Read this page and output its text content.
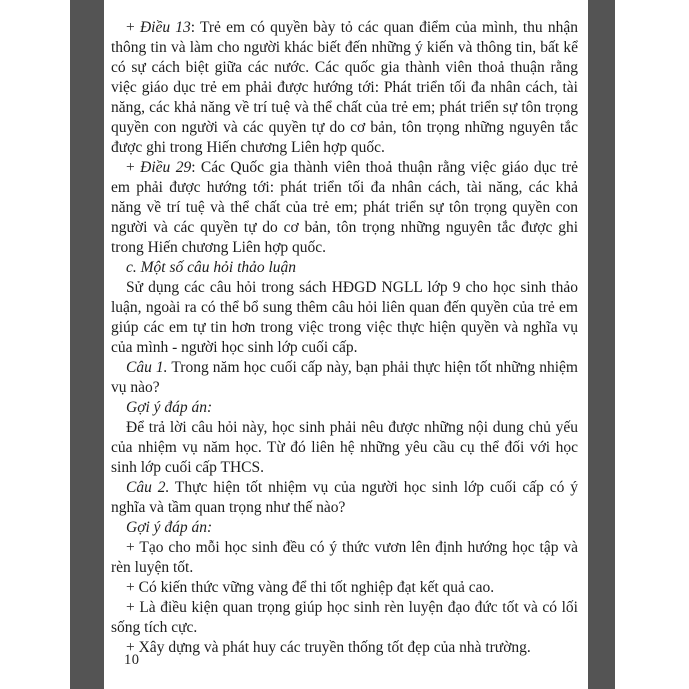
+ Điều 13: Trẻ em có quyền bày tỏ các quan điểm của mình, thu nhận thông tin và làm cho người khác biết đến những ý kiến và thông tin, bất kể có sự cách biệt giữa các nước. Các quốc gia thành viên thoả thuận rằng việc giáo dục trẻ em phải được hướng tới: Phát triển tối đa nhân cách, tài năng, các khả năng về trí tuệ và thể chất của trẻ em; phát triển sự tôn trọng quyền con người và các quyền tự do cơ bản, tôn trọng những nguyên tắc được ghi trong Hiến chương Liên hợp quốc.

+ Điều 29: Các Quốc gia thành viên thoả thuận rằng việc giáo dục trẻ em phải được hướng tới: phát triển tối đa nhân cách, tài năng, các khả năng về trí tuệ và thể chất của trẻ em; phát triển sự tôn trọng quyền con người và các quyền tự do cơ bản, tôn trọng những nguyên tắc được ghi trong Hiến chương Liên hợp quốc.

c. Một số câu hỏi thảo luận

Sử dụng các câu hỏi trong sách HĐGD NGLL lớp 9 cho học sinh thảo luận, ngoài ra có thể bổ sung thêm câu hỏi liên quan đến quyền của trẻ em giúp các em tự tin hơn trong việc trong việc thực hiện quyền và nghĩa vụ của mình - người học sinh lớp cuối cấp.

Câu 1. Trong năm học cuối cấp này, bạn phải thực hiện tốt những nhiệm vụ nào?

Gợi ý đáp án:

Để trả lời câu hỏi này, học sinh phải nêu được những nội dung chủ yếu của nhiệm vụ năm học. Từ đó liên hệ những yêu cầu cụ thể đối với học sinh lớp cuối cấp THCS.

Câu 2. Thực hiện tốt nhiệm vụ của người học sinh lớp cuối cấp có ý nghĩa và tầm quan trọng như thế nào?

Gợi ý đáp án:

+ Tạo cho mỗi học sinh đều có ý thức vươn lên định hướng học tập và rèn luyện tốt.

+ Có kiến thức vững vàng để thi tốt nghiệp đạt kết quả cao.

+ Là điều kiện quan trọng giúp học sinh rèn luyện đạo đức tốt và có lối sống tích cực.

+ Xây dựng và phát huy các truyền thống tốt đẹp của nhà trường.

10
